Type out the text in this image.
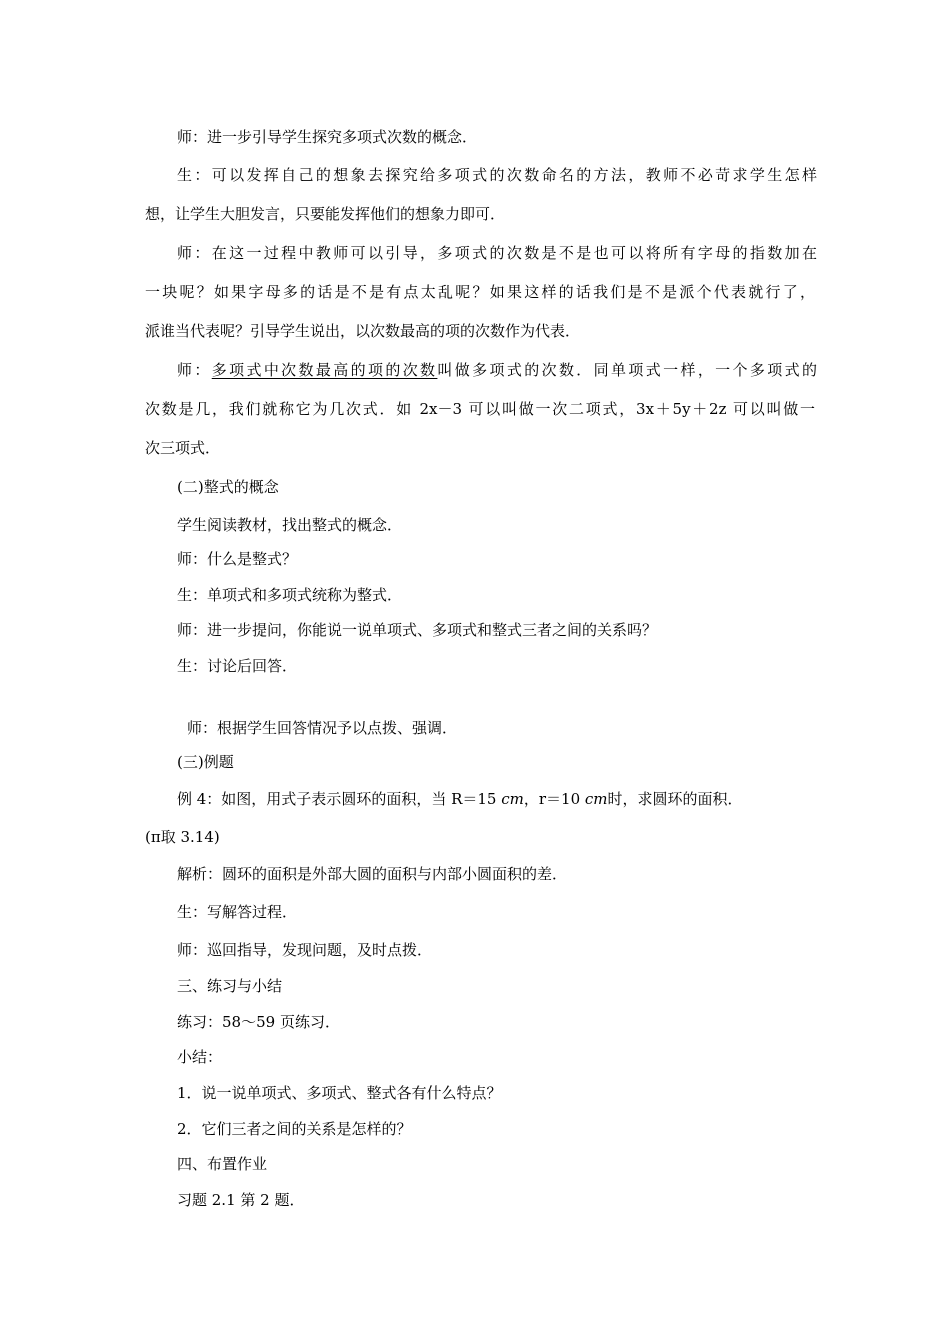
师：进一步引导学生探究多项式次数的概念．
生：可以发挥自己的想象去探究给多项式的次数命名的方法，教师不必苛求学生怎样
想，让学生大胆发言，只要能发挥他们的想象力即可．
师：在这一过程中教师可以引导，多项式的次数是不是也可以将所有字母的指数加在
一块呢？如果字母多的话是不是有点太乱呢？如果这样的话我们是不是派个代表就行了，
派谁当代表呢？引导学生说出，以次数最高的项的次数作为代表．
师：多项式中次数最高的项的次数叫做多项式的次数．同单项式一样，一个多项式的
次数是几，我们就称它为几次式．如 2x－3 可以叫做一次二项式，3x＋5y＋2z 可以叫做一
次三项式．
(二)整式的概念
学生阅读教材，找出整式的概念．
师：什么是整式？
生：单项式和多项式统称为整式．
师：进一步提问，你能说一说单项式、多项式和整式三者之间的关系吗？
生：讨论后回答．
师：根据学生回答情况予以点拨、强调．
(三)例题
例 4：如图，用式子表示圆环的面积，当 R＝15 cm，r＝10 cm时，求圆环的面积．
(π取 3.14)
解析：圆环的面积是外部大圆的面积与内部小圆面积的差．
生：写解答过程．
师：巡回指导，发现问题，及时点拨．
三、练习与小结
练习：58～59 页练习．
小结：
1．说一说单项式、多项式、整式各有什么特点？
2．它们三者之间的关系是怎样的？
四、布置作业
习题 2.1 第 2 题．
